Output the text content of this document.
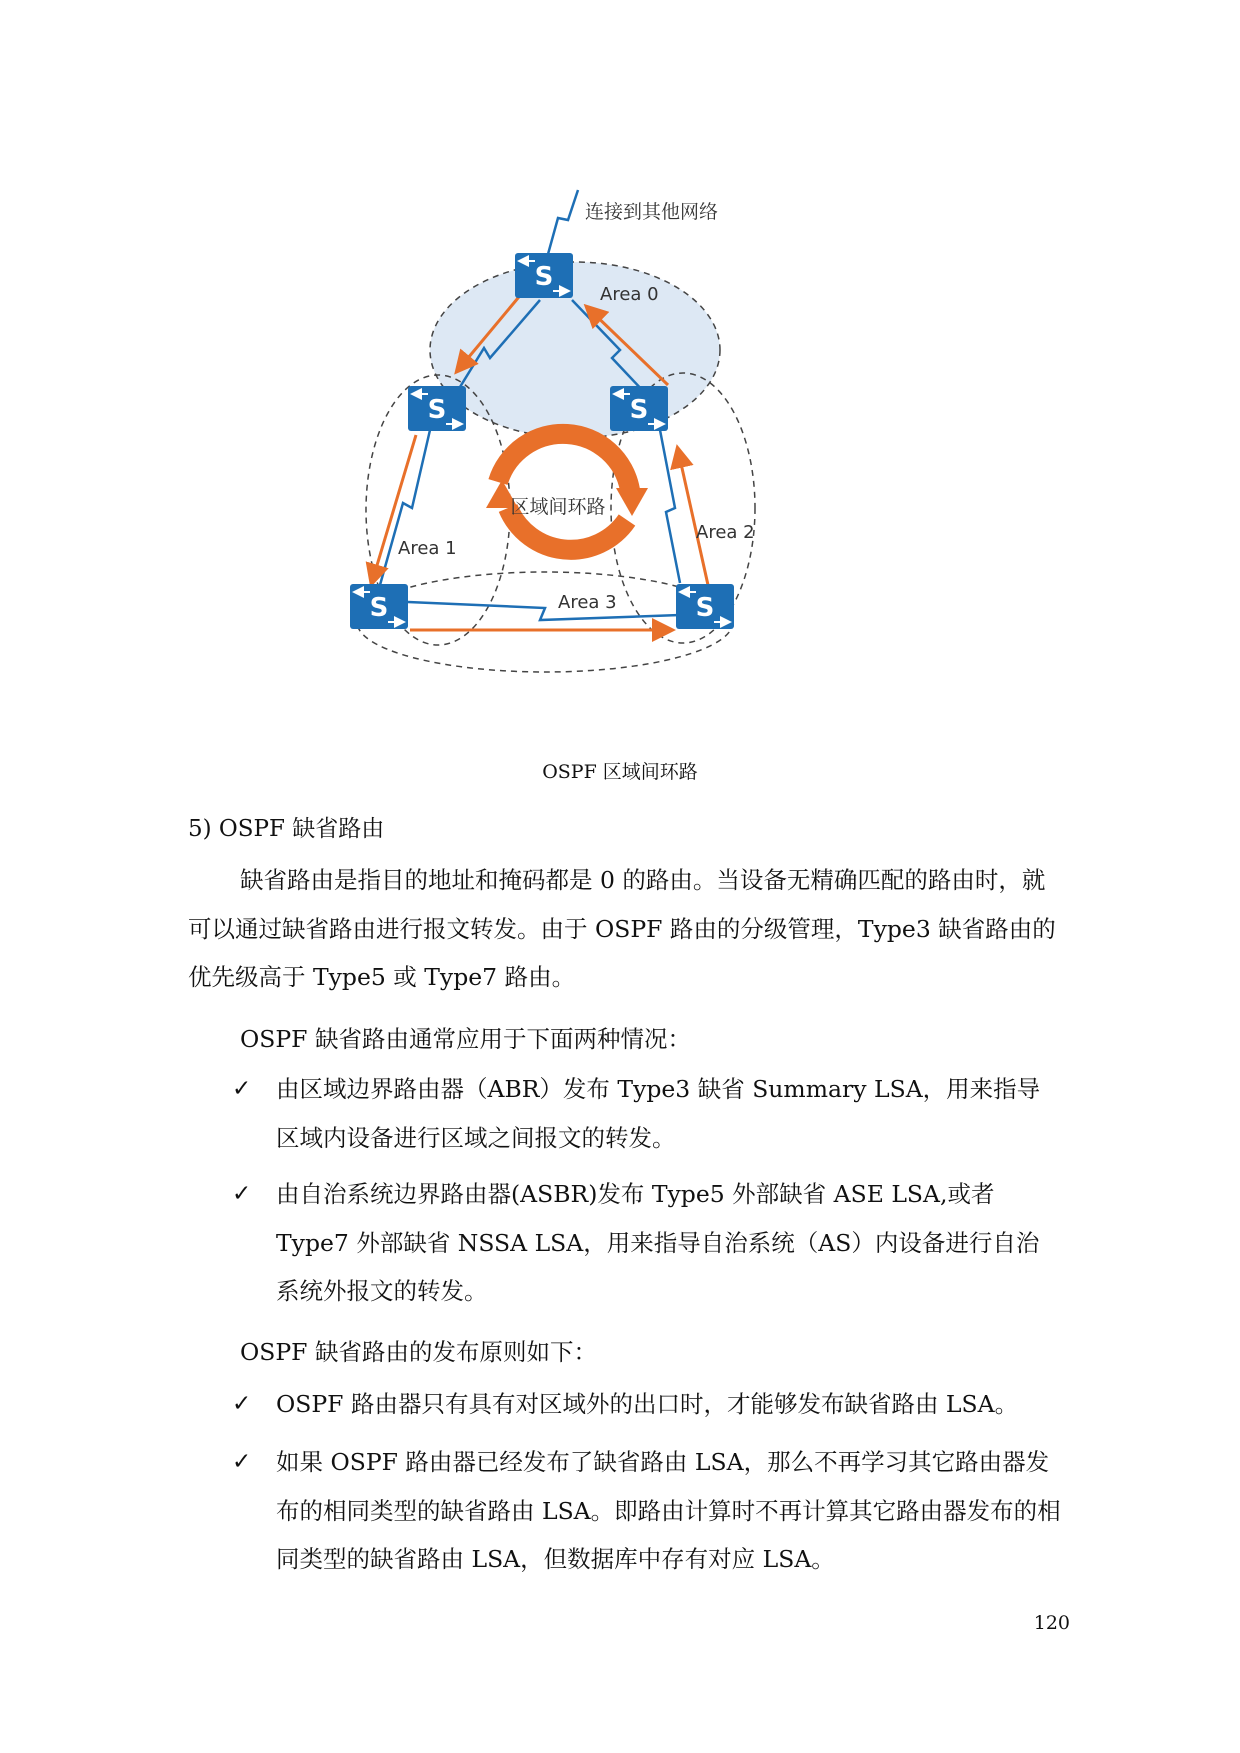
连接到其他网络
区域间环路
Area 0
Area 1
Area 2
Area 3
S
S	S
S	S
OSPF 区域间环路
5) OSPF 缺省路由
缺省路由是指目的地址和掩码都是 0 的路由。当设备无精确匹配的路由时，就可以通过缺省路由进行报文转发。由于 OSPF 路由的分级管理，Type3 缺省路由的优先级高于 Type5 或 Type7 路由。
OSPF 缺省路由通常应用于下面两种情况：
✓ 由区域边界路由器（ABR）发布 Type3 缺省 Summary LSA，用来指导区域内设备进行区域之间报文的转发。
✓ 由自治系统边界路由器(ASBR)发布 Type5 外部缺省 ASE LSA,或者 Type7 外部缺省 NSSA LSA，用来指导自治系统（AS）内设备进行自治系统外报文的转发。
OSPF 缺省路由的发布原则如下：
✓ OSPF 路由器只有具有对区域外的出口时，才能够发布缺省路由 LSA。
✓ 如果 OSPF 路由器已经发布了缺省路由 LSA，那么不再学习其它路由器发布的相同类型的缺省路由 LSA。即路由计算时不再计算其它路由器发布的相同类型的缺省路由 LSA，但数据库中存有对应 LSA。
120
